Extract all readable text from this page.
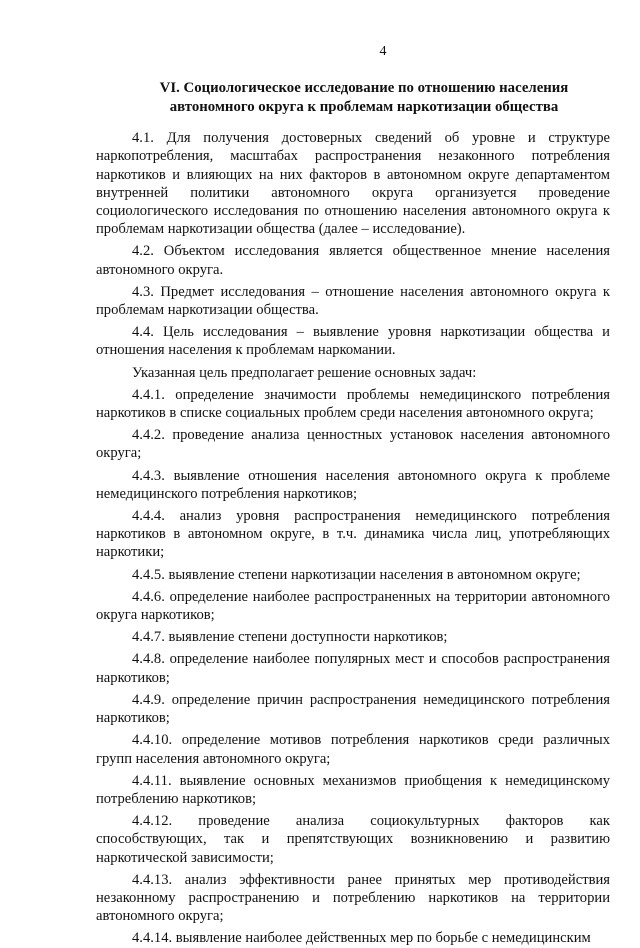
4
VI. Социологическое исследование по отношению населения автономного округа к проблемам наркотизации общества

4.1. Для получения достоверных сведений об уровне и структуре наркопотребления, масштабах распространения незаконного потребления наркотиков и влияющих на них факторов в автономном округе департаментом внутренней политики автономного округа организуется проведение социологического исследования по отношению населения автономного округа к проблемам наркотизации общества (далее – исследование).

4.2. Объектом исследования является общественное мнение населения автономного округа.

4.3. Предмет исследования – отношение населения автономного округа к проблемам наркотизации общества.

4.4. Цель исследования – выявление уровня наркотизации общества и отношения населения к проблемам наркомании.

Указанная цель предполагает решение основных задач:

4.4.1. определение значимости проблемы немедицинского потребления наркотиков в списке социальных проблем среди населения автономного округа;

4.4.2. проведение анализа ценностных установок населения автономного округа;

4.4.3. выявление отношения населения автономного округа к проблеме немедицинского потребления наркотиков;

4.4.4. анализ уровня распространения немедицинского потребления наркотиков в автономном округе, в т.ч. динамика числа лиц, употребляющих наркотики;

4.4.5. выявление степени наркотизации населения в автономном округе;

4.4.6. определение наиболее распространенных на территории автономного округа наркотиков;

4.4.7. выявление степени доступности наркотиков;

4.4.8. определение наиболее популярных мест и способов распространения наркотиков;

4.4.9. определение причин распространения немедицинского потребления наркотиков;

4.4.10. определение мотивов потребления наркотиков среди различных групп населения автономного округа;

4.4.11. выявление основных механизмов приобщения к немедицинскому потреблению наркотиков;

4.4.12. проведение анализа социокультурных факторов как способствующих, так и препятствующих возникновению и развитию наркотической зависимости;

4.4.13. анализ эффективности ранее принятых мер противодействия незаконному распространению и потреблению наркотиков на территории автономного округа;

4.4.14. выявление наиболее действенных мер по борьбе с немедицинским
